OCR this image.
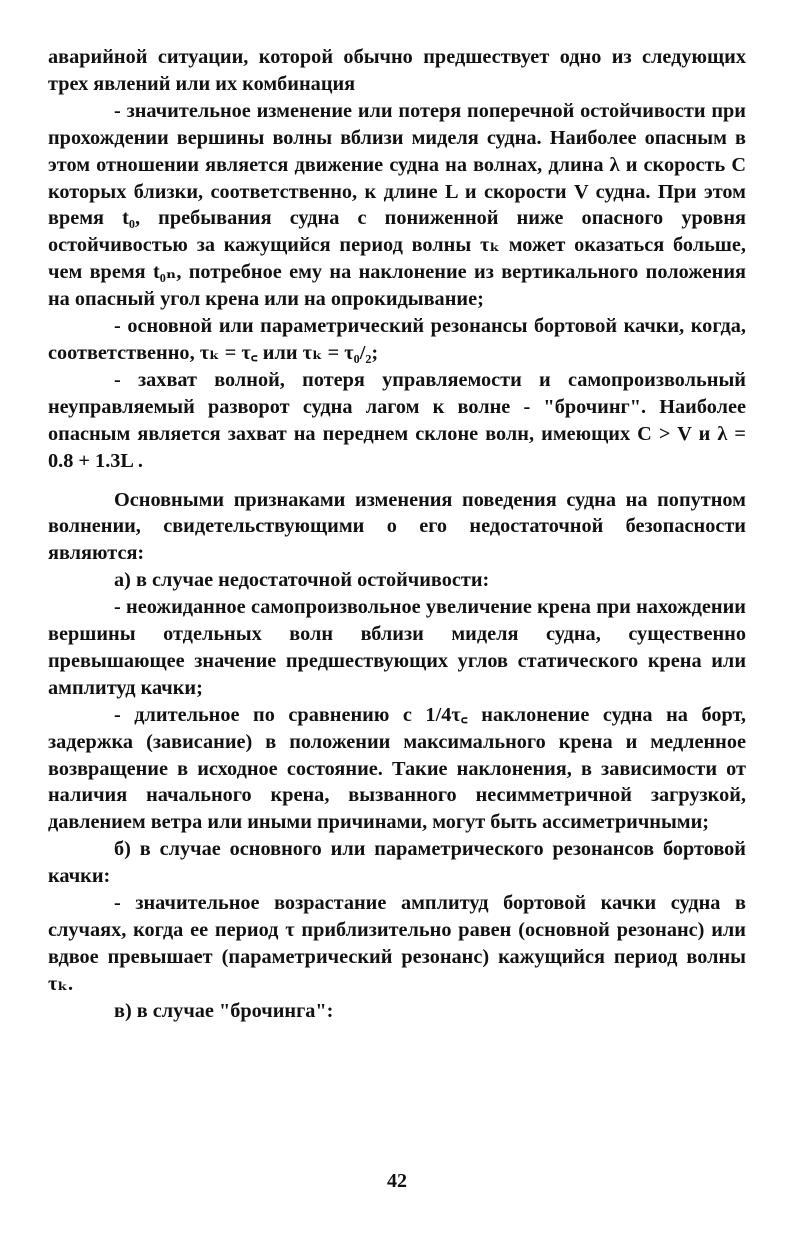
аварийной ситуации, которой обычно предшествует одно из следующих трех явлений или их комбинация

- значительное изменение или потеря поперечной остойчивости при прохождении вершины волны вблизи миделя судна. Наиболее опасным в этом отношении является движение судна на волнах, длина λ и скорость C которых близки, соответственно, к длине L и скорости V судна. При этом время t₀, пребывания судна с пониженной ниже опасного уровня остойчивостью за кажущийся период волны τₖ может оказаться больше, чем время t₀ₙ, потребное ему на наклонение из вертикального положения на опасный угол крена или на опрокидывание;

- основной или параметрический резонансы бортовой качки, когда, соответственно, τₖ = τ꜀ или τₖ = τ₀/₂;

- захват волной, потеря управляемости и самопроизвольный неуправляемый разворот судна лагом к волне - "брочинг". Наиболее опасным является захват на переднем склоне волн, имеющих C > V и λ = 0.8 + 1.3L .

Основными признаками изменения поведения судна на попутном волнении, свидетельствующими о его недостаточной безопасности являются:

а) в случае недостаточной остойчивости:

- неожиданное самопроизвольное увеличение крена при нахождении вершины отдельных волн вблизи миделя судна, существенно превышающее значение предшествующих углов статического крена или амплитуд качки;

- длительное по сравнению с 1/4τ꜀ наклонение судна на борт, задержка (зависание) в положении максимального крена и медленное возвращение в исходное состояние. Такие наклонения, в зависимости от наличия начального крена, вызванного несимметричной загрузкой, давлением ветра или иными причинами, могут быть ассиметричными;

б) в случае основного или параметрического резонансов бортовой качки:

- значительное возрастание амплитуд бортовой качки судна в случаях, когда ее период τ приблизительно равен (основной резонанс) или вдвое превышает (параметрический резонанс) кажущийся период волны τₖ.

в) в случае "брочинга":

42
